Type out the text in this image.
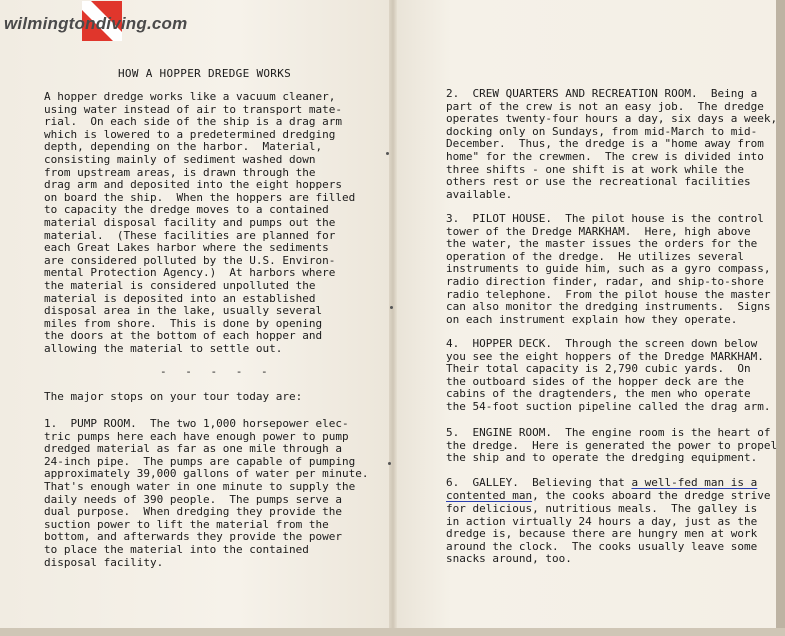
wilmingtondiving.com
HOW A HOPPER DREDGE WORKS
A hopper dredge works like a vacuum cleaner,
using water instead of air to transport mate-
rial.  On each side of the ship is a drag arm
which is lowered to a predetermined dredging
depth, depending on the harbor.  Material,
consisting mainly of sediment washed down
from upstream areas, is drawn through the
drag arm and deposited into the eight hoppers
on board the ship.  When the hoppers are filled
to capacity the dredge moves to a contained
material disposal facility and pumps out the
material.  (These facilities are planned for
each Great Lakes harbor where the sediments
are considered polluted by the U.S. Environ-
mental Protection Agency.)  At harbors where
the material is considered unpolluted the
material is deposited into an established
disposal area in the lake, usually several
miles from shore.  This is done by opening
the doors at the bottom of each hopper and
allowing the material to settle out.
- - - - -
The major stops on your tour today are:
1.  PUMP ROOM.  The two 1,000 horsepower elec-
tric pumps here each have enough power to pump
dredged material as far as one mile through a
24-inch pipe.  The pumps are capable of pumping
approximately 39,000 gallons of water per minute.
That's enough water in one minute to supply the
daily needs of 390 people.  The pumps serve a
dual purpose.  When dredging they provide the
suction power to lift the material from the
bottom, and afterwards they provide the power
to place the material into the contained
disposal facility.
2.  CREW QUARTERS AND RECREATION ROOM.  Being a
part of the crew is not an easy job.  The dredge
operates twenty-four hours a day, six days a week,
docking only on Sundays, from mid-March to mid-
December.  Thus, the dredge is a "home away from
home" for the crewmen.  The crew is divided into
three shifts - one shift is at work while the
others rest or use the recreational facilities
available.
3.  PILOT HOUSE.  The pilot house is the control
tower of the Dredge MARKHAM.  Here, high above
the water, the master issues the orders for the
operation of the dredge.  He utilizes several
instruments to guide him, such as a gyro compass,
radio direction finder, radar, and ship-to-shore
radio telephone.  From the pilot house the master
can also monitor the dredging instruments.  Signs
on each instrument explain how they operate.
4.  HOPPER DECK.  Through the screen down below
you see the eight hoppers of the Dredge MARKHAM.
Their total capacity is 2,790 cubic yards.  On
the outboard sides of the hopper deck are the
cabins of the dragtenders, the men who operate
the 54-foot suction pipeline called the drag arm.
5.  ENGINE ROOM.  The engine room is the heart of
the dredge.  Here is generated the power to propel
the ship and to operate the dredging equipment.
6.  GALLEY.  Believing that a well-fed man is a
contented man, the cooks aboard the dredge strive
for delicious, nutritious meals.  The galley is
in action virtually 24 hours a day, just as the
dredge is, because there are hungry men at work
around the clock.  The cooks usually leave some
snacks around, too.
